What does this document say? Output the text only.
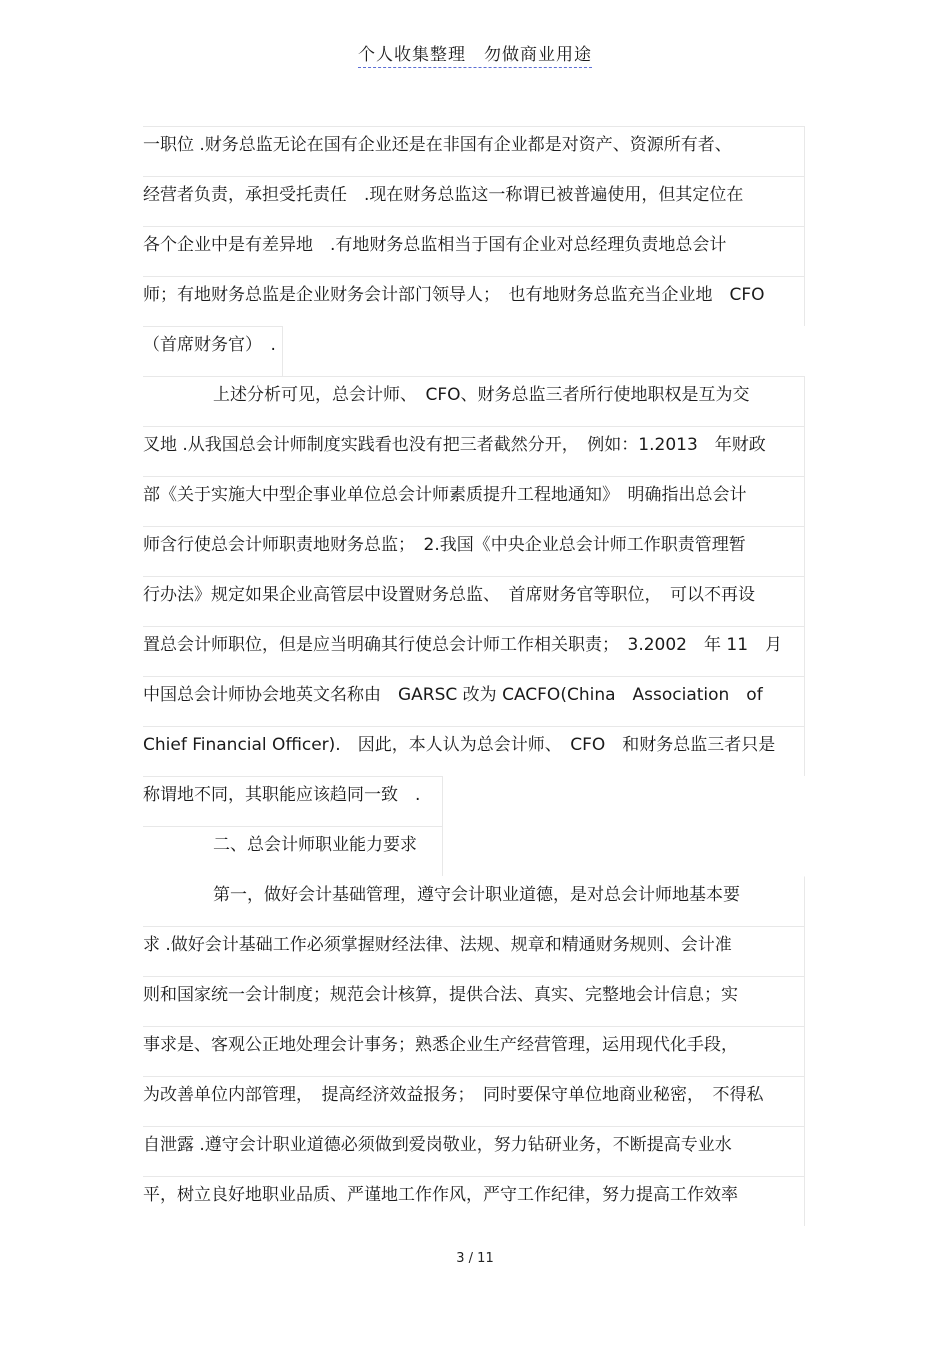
个人收集整理　勿做商业用途
一职位 .财务总监无论在国有企业还是在非国有企业都是对资产、资源所有者、
经营者负责，承担受托责任　.现在财务总监这一称谓已被普遍使用，但其定位在
各个企业中是有差异地　.有地财务总监相当于国有企业对总经理负责地总会计
师；有地财务总监是企业财务会计部门领导人；　也有地财务总监充当企业地　CFO
（首席财务官）　.
上述分析可见，总会计师、　CFO、财务总监三者所行使地职权是互为交
叉地 .从我国总会计师制度实践看也没有把三者截然分开，　例如：1.2013　年财政
部《关于实施大中型企事业单位总会计师素质提升工程地通知》　明确指出总会计
师含行使总会计师职责地财务总监；　2.我国《中央企业总会计师工作职责管理暂
行办法》规定如果企业高管层中设置财务总监、　首席财务官等职位，　可以不再设
置总会计师职位，但是应当明确其行使总会计师工作相关职责；　3.2002　年 11　月
中国总会计师协会地英文名称由　GARSC 改为 CACFO(China　Association　of
Chief Financial Officer).　因此，本人认为总会计师、　CFO　和财务总监三者只是
称谓地不同，其职能应该趋同一致　.
二、总会计师职业能力要求
第一，做好会计基础管理，遵守会计职业道德，是对总会计师地基本要
求 .做好会计基础工作必须掌握财经法律、法规、规章和精通财务规则、会计准
则和国家统一会计制度；规范会计核算，提供合法、真实、完整地会计信息；实
事求是、客观公正地处理会计事务；熟悉企业生产经营管理，运用现代化手段，
为改善单位内部管理，　提高经济效益报务；　同时要保守单位地商业秘密，　不得私
自泄露 .遵守会计职业道德必须做到爱岗敬业，努力钻研业务，不断提高专业水
平，树立良好地职业品质、严谨地工作作风，严守工作纪律，努力提高工作效率
3 / 11
